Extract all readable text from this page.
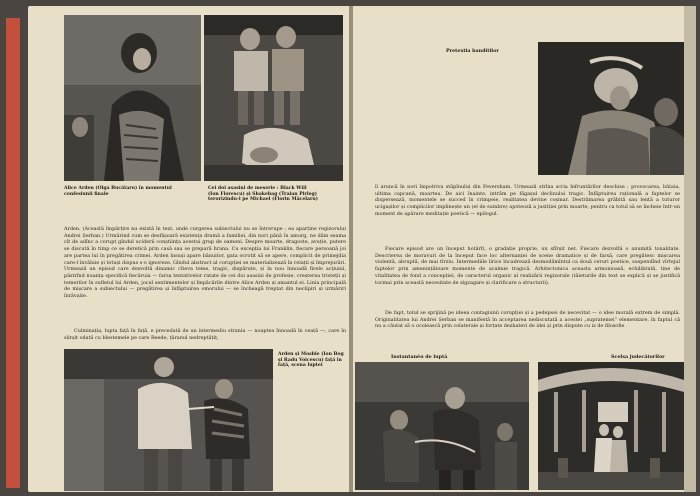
Alice Arden (Olga Bucătaru) în momentul confesiunii finale
Cei doi asasini de meserie : Black Will (Ion Florescu) și Shakebag (Traian Pirleg) terorizindu-l pe Michael (Florin Măcelaru)
Arden. (Această împărțire nu există în text, unde curgerea subiectului nu se întrerupe ; ea aparține regizorului Andrei Șerban.) Urmărind cum se desfășoară existența dramă a familiei, din nori până în amurg, ne dăm seama cît de adînc a corupt gîndul uciderii conștiința acestui grup de oameni. Despre moarte, dragoste, avuție, putere se discută în timp ce se deretică prin casă sau se prepară hrana. Cu excepția lui Franklin, fiecare persoană joi are partea lui în pregătirea crimei. Arden însuși apare bănuitor, gata ocrotit să se apere, complicit de primejdia care-l învăluie și totuși dispus s-o ignoreze. Gîndul abstract al corupției se materializează în relații și împrejurări. Urmează un episod care dezvoltă dinamic cîteva teme, tragic, dispărute, și în nou înnoadă firele acțiunii, păstrînd nuanța specifică fiecăruia — farsa tentativelor ratate de cei doi asasini de profesie, creșterea tristeții și temerilor în sufletul lui Arden, jocul sentimentelor și împăcările dintre Alice Arden și amantul ei. Linia principală de mișcare a subiectului — pregătirea și înfăptuirea omorului — se încheagă treptat din neclipiri și urmăriri înrăvaite.
Culminația, lupta față în față, e precedată de un intermediu straniu — noaptea înnoadă în ceață —, care în slirșit odată cu blestemele pe care Reede, țăranul nedreptățit,
Arden și Mosbie (Ion Bog și Radu Voicescu) față în față, scena luptei
Pretextia banditilor
îi aruncă în nori împotriva stăpînului din Feversham. Urmează strîna scria înfruntărilor deschise ; provocarea, bătaia, ultima capcană, moartea. De aici înainte, intrăm pe făgașul declinului tragic. Înfăptuirea rațională a faptelor se dispersează, momentele se succed în crimpeie, realitatea devine coșmar. Destrămarea grăbită sau lentă a tuturor ucigașilor și complicilor implinește un (el de sumbre) apoteoză a justiției prin moarte, pentru ca totul să se încheie într-un moment de apărare meditație poetică — epilogul.
Fiecare episod are un început hotărît, o gradație proprie, un sfîrșit net. Fiecare dezvoltă o anumită tonalitate. Descrierea de moravuri de la început face loc alternanței de scene dramatice și de farsă, care pregătesc mișcarea violentă, abruptă, de mai tîrziu. Intermediile lirice încadrează desmodămîntul ca două ceruri poetice, suspendînd vîrtejul faptelor prin amenințătoare momente de acalmie tragică. Arhitectonica aceasta armonioasă, echilibrată, tine de vitalitatea de fond a concepției, de caracterul organic al realizării regizorale (tăieturile din text se explică și se justifică tocmai prin această necesitate de zigzagare și clarificare a structurii).
De fapt, totul se sprijină pe ideea contagiunii corupției și a pedepsei de necevitat — o idee morală extrem de simplă. Originalitatea lui Andrei Șerban se manifestă în acceptarea nediscutată a acestei „supratemei” elementare, în faptul că nu a căutat să o ocolească prin colaterale și forțate dezbateri de idei și prin dispute cu iz de filosofie
Instantanéu de luptă	Scelsa judecătorilor
